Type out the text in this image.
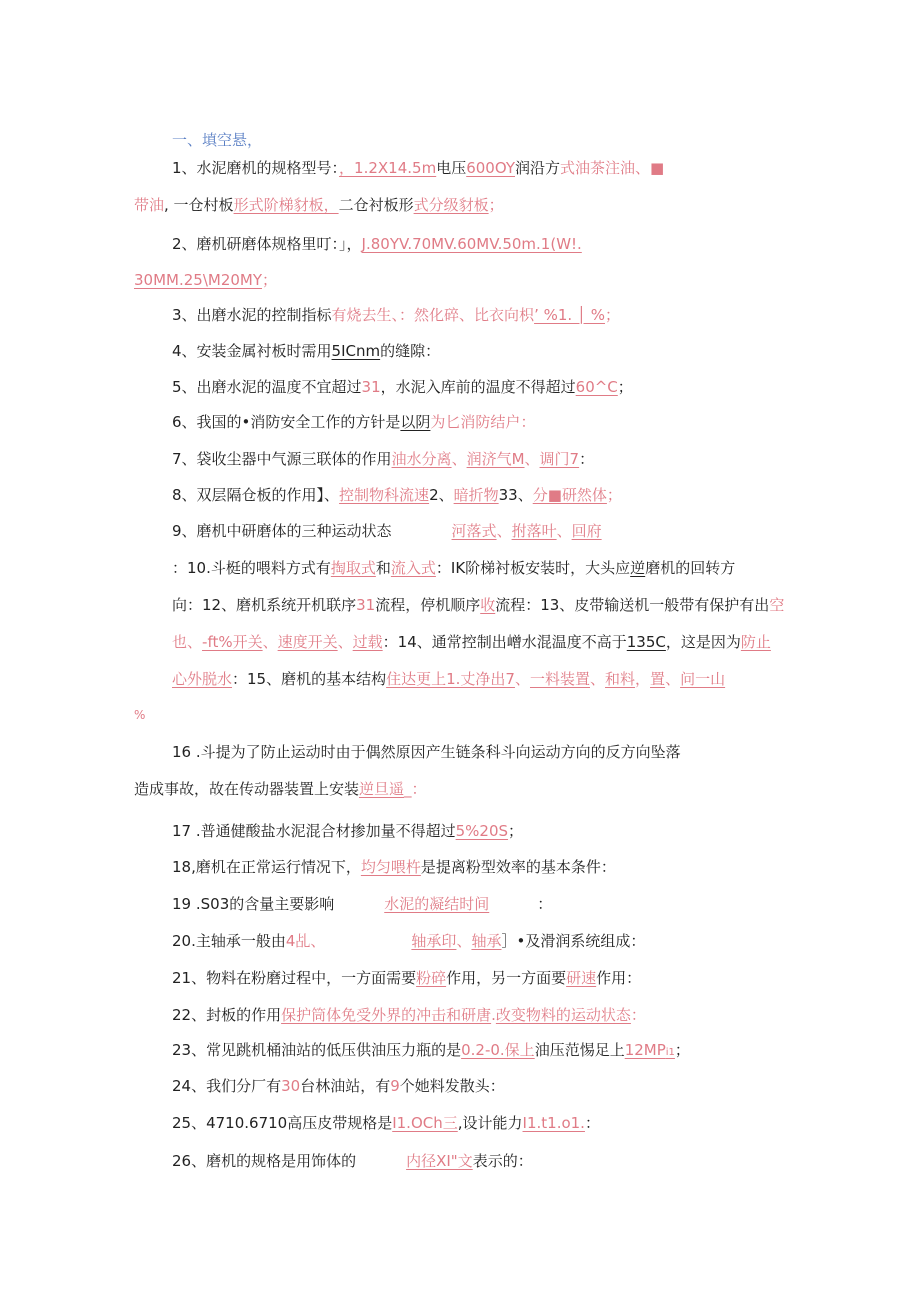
一、填空悬，
1、水泥磨机的规格型号：，1.2X14.5m电压600OY润沿方式油茶注油、■
带油, 一仓村板形式阶梯豺板，二仓衬板形式分级豺板；
2、磨机研磨体规格里叮：」，J.80YV.70MV.60MV.50m.1(W!.
30MM.25\M20MY；
3、出磨水泥的控制指标有烧去生、：然化碎、比衣向枳’ %1. │ %；
4、安装金属衬板时需用5ICnm的缝隙：
5、出磨水泥的温度不宜超过31，水泥入库前的温度不得超过60^C；
6、我国的•消防安全工作的方针是以阴为匕消防结户：
7、袋收尘器中气源三联体的作用油水分离、润济气M、调门7：
8、双层隔仓板的作用】、控制物科流速2、暗折物33、分■研然体；
9、磨机中研磨体的三种运动状态	河落式、拊落叶、回府
：10.斗梃的喂料方式有掏取式和流入式：IK阶梯衬板安装时，大头应逆磨机的回转方
向：12、磨机系统开机联序31流程，停机顺序收流程：13、皮带输送机一般带有保护有出空
也、-ft%开关、速度开关、过载：14、通常控制出嶒水混温度不高于135C，这是因为防止
心外脱水：15、磨机的基本结构住达更上1.丈净出7、一料装置、和料，置、问一山
%
16 .斗提为了防止运动时由于偶然原因产生链条科斗向运动方向的反方向坠落
造成事故，故在传动器装置上安装逆旦遥_：
17 .普通健酸盐水泥混合材掺加量不得超过5%20S；
18,磨机在正常运行情况下，均匀喂杵是提离粉型效率的基本条件：
19 .S03的含量主要影响	水泥的凝结时间	：
20.主轴承一般由4乩、	轴承印、轴承］•及滑润系统组成：
21、物料在粉磨过程中，一方面需要粉碎作用，另一方面要研速作用：
22、封板的作用保护筒体免受外界的冲击和研唐.改变物料的运动状态：
23、常见跳机桶油站的低压供油压力瓶的是0.2-0.保上油压范惕足上12MPi1；
24、我们分厂有30台林油站，有9个她料发散头：
25、4710.6710高压皮带规格是I1.OCh三,设计能力I1.t1.o1.：
26、磨机的规格是用饰体的	内径XI"文表示的：
